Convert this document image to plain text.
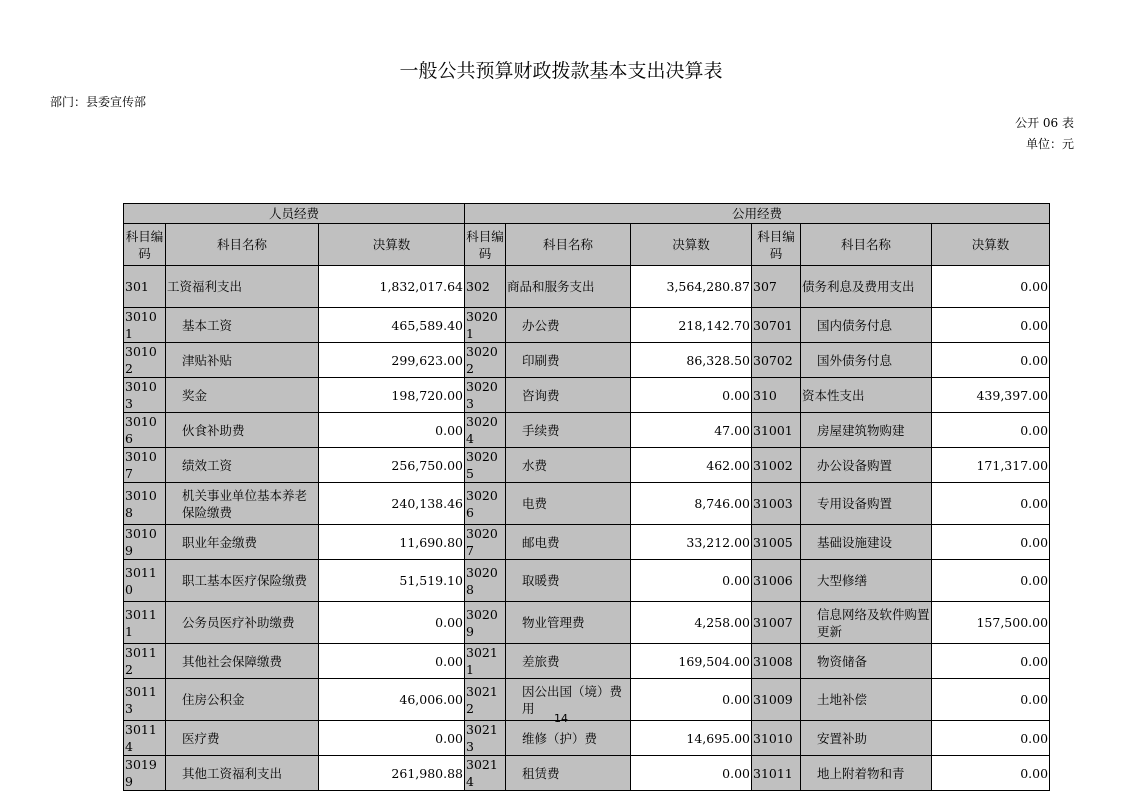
一般公共预算财政拨款基本支出决算表
部门：县委宣传部
公开 06 表
单位：元
人员经费			公用经费					
科目编码	科目名称	决算数	科目编码	科目名称	决算数	科目编码	科目名称	决算数
301	工资福利支出	1,832,017.64	302	商品和服务支出	3,564,280.87	307	债务利息及费用支出	0.00
30101	基本工资	465,589.40	30201	办公费	218,142.70	30701	国内债务付息	0.00
30102	津贴补贴	299,623.00	30202	印刷费	86,328.50	30702	国外债务付息	0.00
30103	奖金	198,720.00	30203	咨询费	0.00	310	资本性支出	439,397.00
30106	伙食补助费	0.00	30204	手续费	47.00	31001	房屋建筑物购建	0.00
30107	绩效工资	256,750.00	30205	水费	462.00	31002	办公设备购置	171,317.00
30108	机关事业单位基本养老保险缴费	240,138.46	30206	电费	8,746.00	31003	专用设备购置	0.00
30109	职业年金缴费	11,690.80	30207	邮电费	33,212.00	31005	基础设施建设	0.00
30110	职工基本医疗保险缴费	51,519.10	30208	取暖费	0.00	31006	大型修缮	0.00
30111	公务员医疗补助缴费	0.00	30209	物业管理费	4,258.00	31007	信息网络及软件购置更新	157,500.00
30112	其他社会保障缴费	0.00	30211	差旅费	169,504.00	31008	物资储备	0.00
30113	住房公积金	46,006.00	30212	因公出国（境）费用	0.00	31009	土地补偿	0.00
30114	医疗费	0.00	30213	维修（护）费	14,695.00	31010	安置补助	0.00
30199	其他工资福利支出	261,980.88	30214	租赁费	0.00	31011	地上附着物和青	0.00
14
